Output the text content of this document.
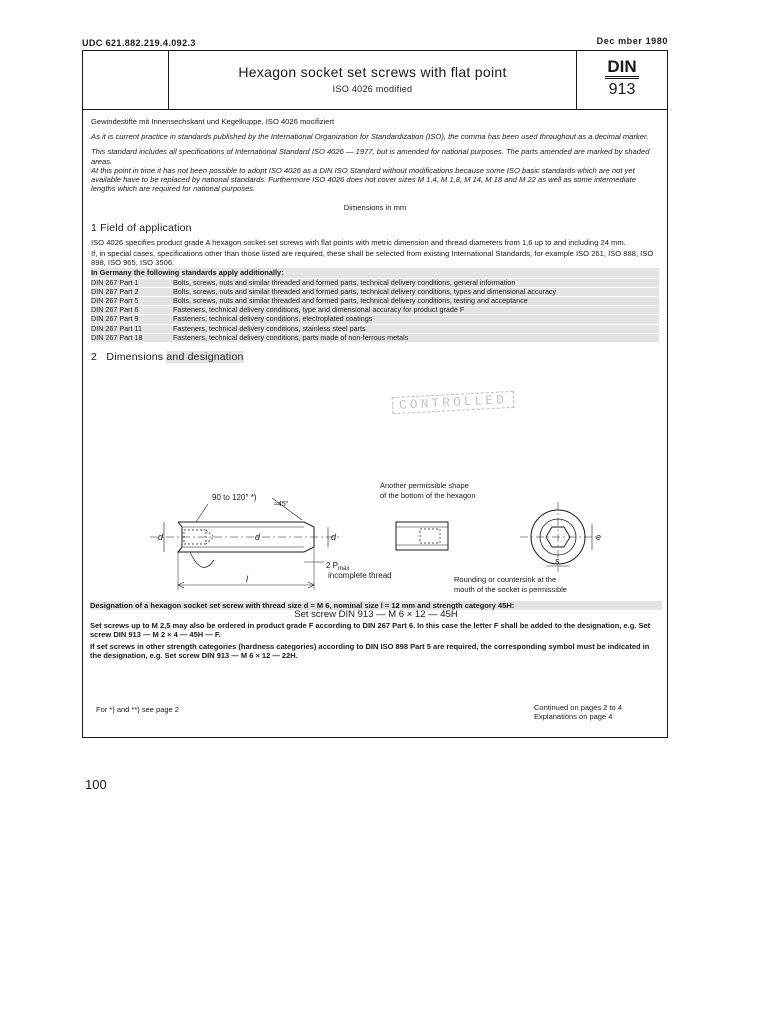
UDC 621.882.219.4.092.3	Dec mber 1980
Hexagon socket set screws with flat point
ISO 4026 modified
DIN
913

Gewindestifte mit Innensechskant und Kegelkuppe, ISO 4026 mocifiziert

As it is current practice in standards published by the International Organization for Standardization (ISO), the comma has been used throughout as a decimal marker.

This standard includes all specifications of International Standard ISO 4026 — 1977, but is amended for national purposes. The parts amended are marked by shaded areas.

At this point in time it has not been possible to adopt ISO 4026 as a DIN ISO Standard without modifications because some ISO basic standards which are not yet available have to be replaced by national standards. Furthermore ISO 4026 does not cover sizes M 1,4, M 1,8, M 14, M 18 and M 22 as well as some intermediate lengths which are required for national purposes.

Dimensions in mm
1 Field of application

ISO 4026 specifies product grade A hexagon socket set screws with flat points with metric dimension and thread diameters from 1,6 up to and including 24 mm.

If, in special cases, specifications other than those listed are required, these shall be selected from existing International Standards, for example ISO 261, ISO 888, ISO 898, ISO 965, ISO 3506.

In Germany the following standards apply additionally:
DIN 267 Part 1	Bolts, screws, nuts and similar threaded and formed parts, technical delivery conditions, general information
DIN 267 Part 2	Bolts, screws, nuts and similar threaded and formed parts, technical delivery conditions, types and dimensional accuracy
DIN 267 Part 5	Bolts, screws, nuts and similar threaded and formed parts, technical delivery conditions, testing and acceptance
DIN 267 Part 6	Fasteners, technical delivery conditions, type and dimensional accuracy for product grade F
DIN 267 Part 9	Fasteners, technical delivery conditions, electroplated coatings
DIN 267 Part 11	Fasteners, technical delivery conditions, stainless steel parts
DIN 267 Part 18	Fasteners, technical delivery conditions, parts made of non-ferrous metals
2 Dimensions and designation
CONTROLLED
90 to 120° *)
≈45°
d	d	d
2 $P_{max}$
incomplete thread
l
Another permissible shape
of the bottom of the hexagon
e
s
Rounding or countersink at the
mouth of the socket is permissible
Designation of a hexagon socket set screw with thread size d = M 6, nominal size l = 12 mm and strength category 45H:
Set screw DIN 913 — M 6 × 12 — 45H
Set screws up to M 2,5 may also be ordered in product grade F according to DIN 267 Part 6. In this case the letter F shall be added to the designation, e.g. Set screw DIN 913 — M 2 × 4 — 45H — F.
If set screws in other strength categories (hardness categories) according to DIN ISO 898 Part 5 are required, the corresponding symbol must be indicated in the designation, e.g. Set screw DIN 913 — M 6 × 12 — 22H.
For *) and **) see page 2	Continued on pages 2 to 4
Explanations on page 4
100
